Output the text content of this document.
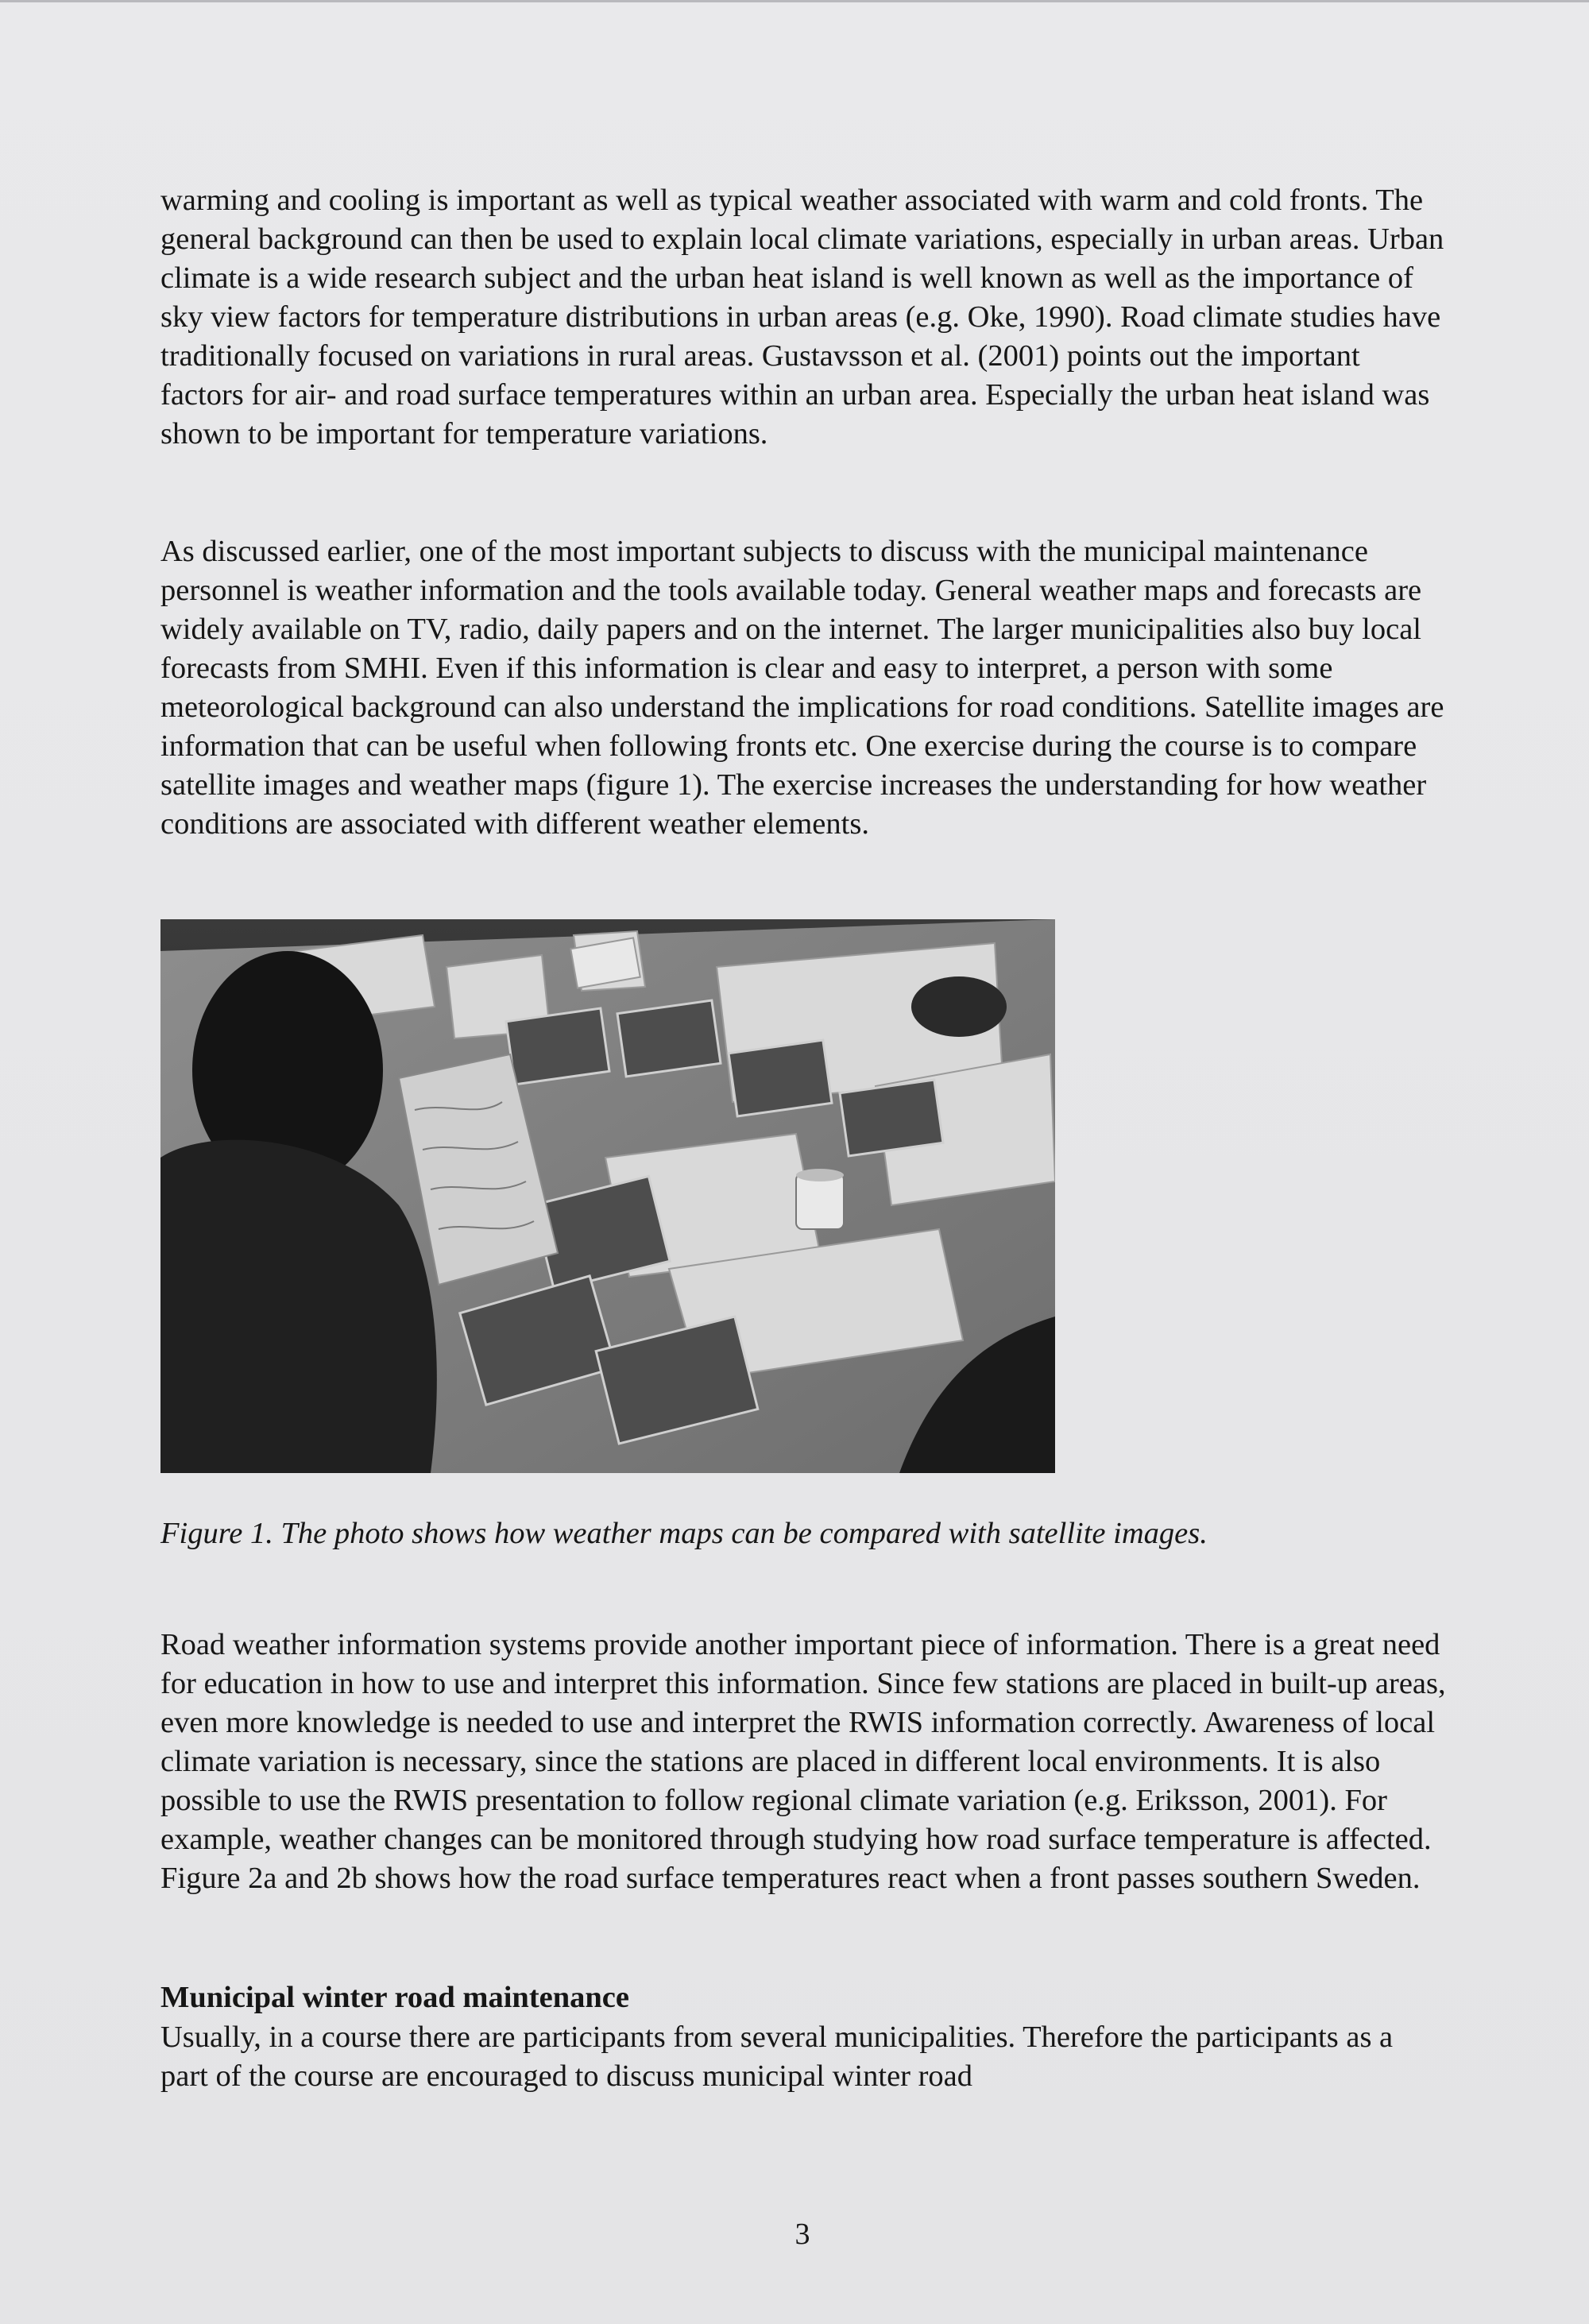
warming and cooling is important as well as typical weather associated with warm and cold fronts. The general background can then be used to explain local climate variations, especially in urban areas. Urban climate is a wide research subject and the urban heat island is well known as well as the importance of sky view factors for temperature distributions in urban areas (e.g. Oke, 1990). Road climate studies have traditionally focused on variations in rural areas. Gustavsson et al. (2001) points out the important factors for air- and road surface temperatures within an urban area. Especially the urban heat island was shown to be important for temperature variations.

As discussed earlier, one of the most important subjects to discuss with the municipal maintenance personnel is weather information and the tools available today. General weather maps and forecasts are widely available on TV, radio, daily papers and on the internet. The larger municipalities also buy local forecasts from SMHI. Even if this information is clear and easy to interpret, a person with some meteorological background can also understand the implications for road conditions. Satellite images are information that can be useful when following fronts etc. One exercise during the course is to compare satellite images and weather maps (figure 1). The exercise increases the understanding for how weather conditions are associated with different weather elements.

Figure 1. The photo shows how weather maps can be compared with satellite images.

Road weather information systems provide another important piece of information. There is a great need for education in how to use and interpret this information. Since few stations are placed in built-up areas, even more knowledge is needed to use and interpret the RWIS information correctly. Awareness of local climate variation is necessary, since the stations are placed in different local environments. It is also possible to use the RWIS presentation to follow regional climate variation (e.g. Eriksson, 2001). For example, weather changes can be monitored through studying how road surface temperature is affected. Figure 2a and 2b shows how the road surface temperatures react when a front passes southern Sweden.

Municipal winter road maintenance

Usually, in a course there are participants from several municipalities. Therefore the participants as a part of the course are encouraged to discuss municipal winter road

3
